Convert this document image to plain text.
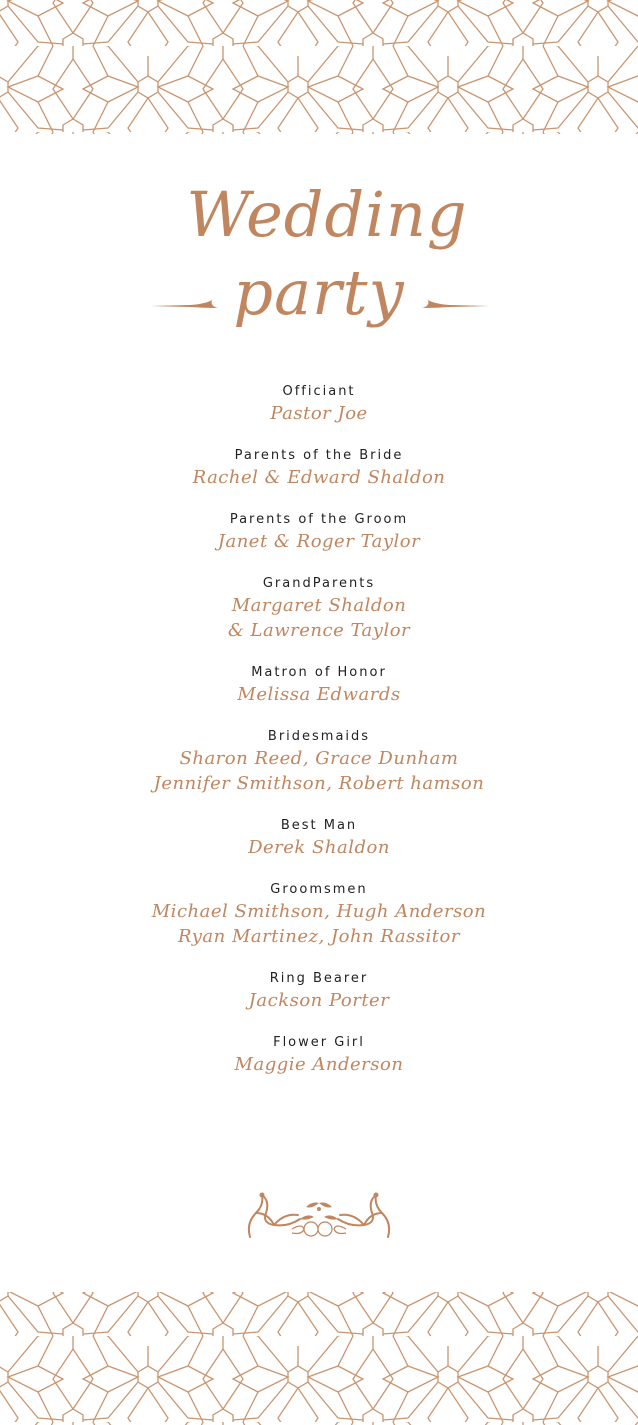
Wedding
party
Officiant
Pastor Joe
Parents of the Bride
Rachel & Edward Shaldon
Parents of the Groom
Janet & Roger Taylor
GrandParents
Margaret Shaldon
& Lawrence Taylor
Matron of Honor
Melissa Edwards
Bridesmaids
Sharon Reed, Grace Dunham
Jennifer Smithson, Robert hamson
Best Man
Derek Shaldon
Groomsmen
Michael Smithson, Hugh Anderson
Ryan Martinez, John Rassitor
Ring Bearer
Jackson Porter
Flower Girl
Maggie Anderson
